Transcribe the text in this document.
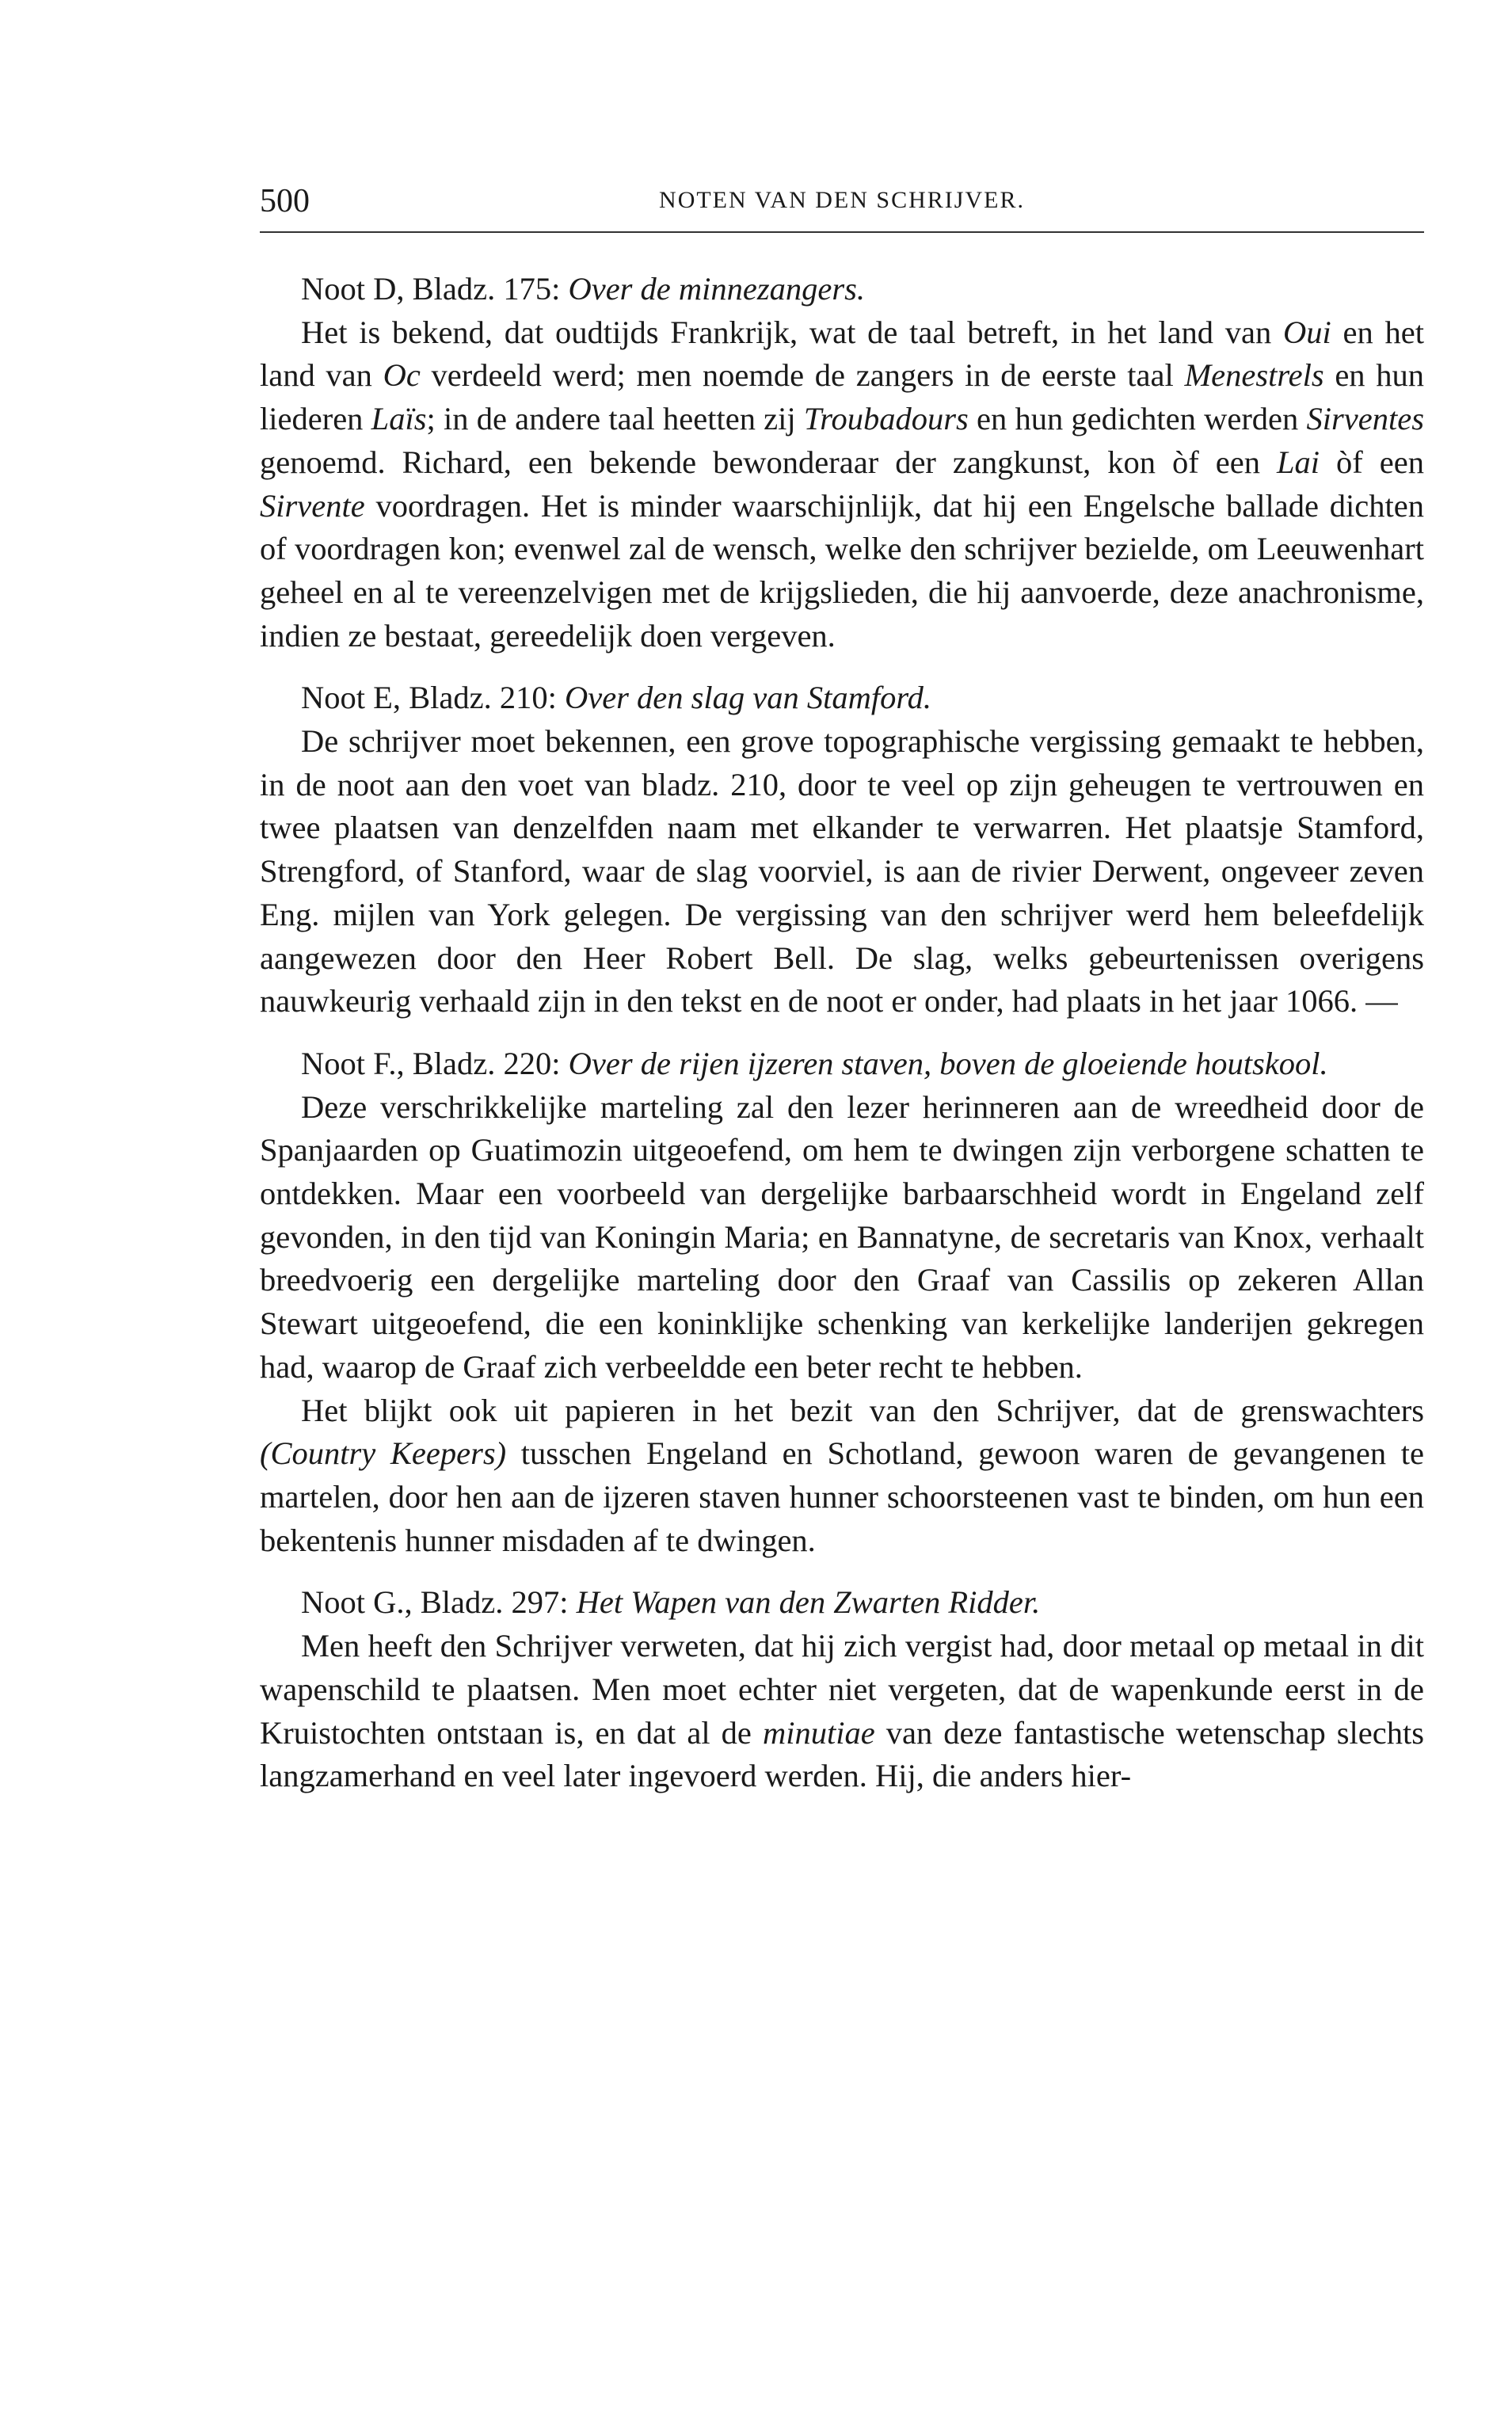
500	NOTEN VAN DEN SCHRIJVER.

Noot D, Bladz. 175: Over de minnezangers.

Het is bekend, dat oudtijds Frankrijk, wat de taal betreft, in het land van Oui en het land van Oc verdeeld werd; men noemde de zangers in de eerste taal Menestrels en hun liederen Laïs; in de andere taal heetten zij Troubadours en hun gedichten werden Sirventes genoemd. Richard, een bekende bewonderaar der zangkunst, kon òf een Lai òf een Sirvente voordragen. Het is minder waarschijnlijk, dat hij een Engelsche ballade dichten of voordragen kon; evenwel zal de wensch, welke den schrijver bezielde, om Leeuwenhart geheel en al te vereenzelvigen met de krijgslieden, die hij aanvoerde, deze anachronisme, indien ze bestaat, gereedelijk doen vergeven.

Noot E, Bladz. 210: Over den slag van Stamford.

De schrijver moet bekennen, een grove topographische vergissing gemaakt te hebben, in de noot aan den voet van bladz. 210, door te veel op zijn geheugen te vertrouwen en twee plaatsen van denzelfden naam met elkander te verwarren. Het plaatsje Stamford, Strengford, of Stanford, waar de slag voorviel, is aan de rivier Derwent, ongeveer zeven Eng. mijlen van York gelegen. De vergissing van den schrijver werd hem beleefdelijk aangewezen door den Heer Robert Bell. De slag, welks gebeurtenissen overigens nauwkeurig verhaald zijn in den tekst en de noot er onder, had plaats in het jaar 1066. —

Noot F., Bladz. 220: Over de rijen ijzeren staven, boven de gloeiende houtskool.

Deze verschrikkelijke marteling zal den lezer herinneren aan de wreedheid door de Spanjaarden op Guatimozin uitgeoefend, om hem te dwingen zijn verborgene schatten te ontdekken. Maar een voorbeeld van dergelijke barbaarschheid wordt in Engeland zelf gevonden, in den tijd van Koningin Maria; en Bannatyne, de secretaris van Knox, verhaalt breedvoerig een dergelijke marteling door den Graaf van Cassilis op zekeren Allan Stewart uitgeoefend, die een koninklijke schenking van kerkelijke landerijen gekregen had, waarop de Graaf zich verbeeldde een beter recht te hebben.

Het blijkt ook uit papieren in het bezit van den Schrijver, dat de grenswachters (Country Keepers) tusschen Engeland en Schotland, gewoon waren de gevangenen te martelen, door hen aan de ijzeren staven hunner schoorsteenen vast te binden, om hun een bekentenis hunner misdaden af te dwingen.

Noot G., Bladz. 297: Het Wapen van den Zwarten Ridder.

Men heeft den Schrijver verweten, dat hij zich vergist had, door metaal op metaal in dit wapenschild te plaatsen. Men moet echter niet vergeten, dat de wapenkunde eerst in de Kruistochten ontstaan is, en dat al de minutiae van deze fantastische wetenschap slechts langzamerhand en veel later ingevoerd werden. Hij, die anders hier-
